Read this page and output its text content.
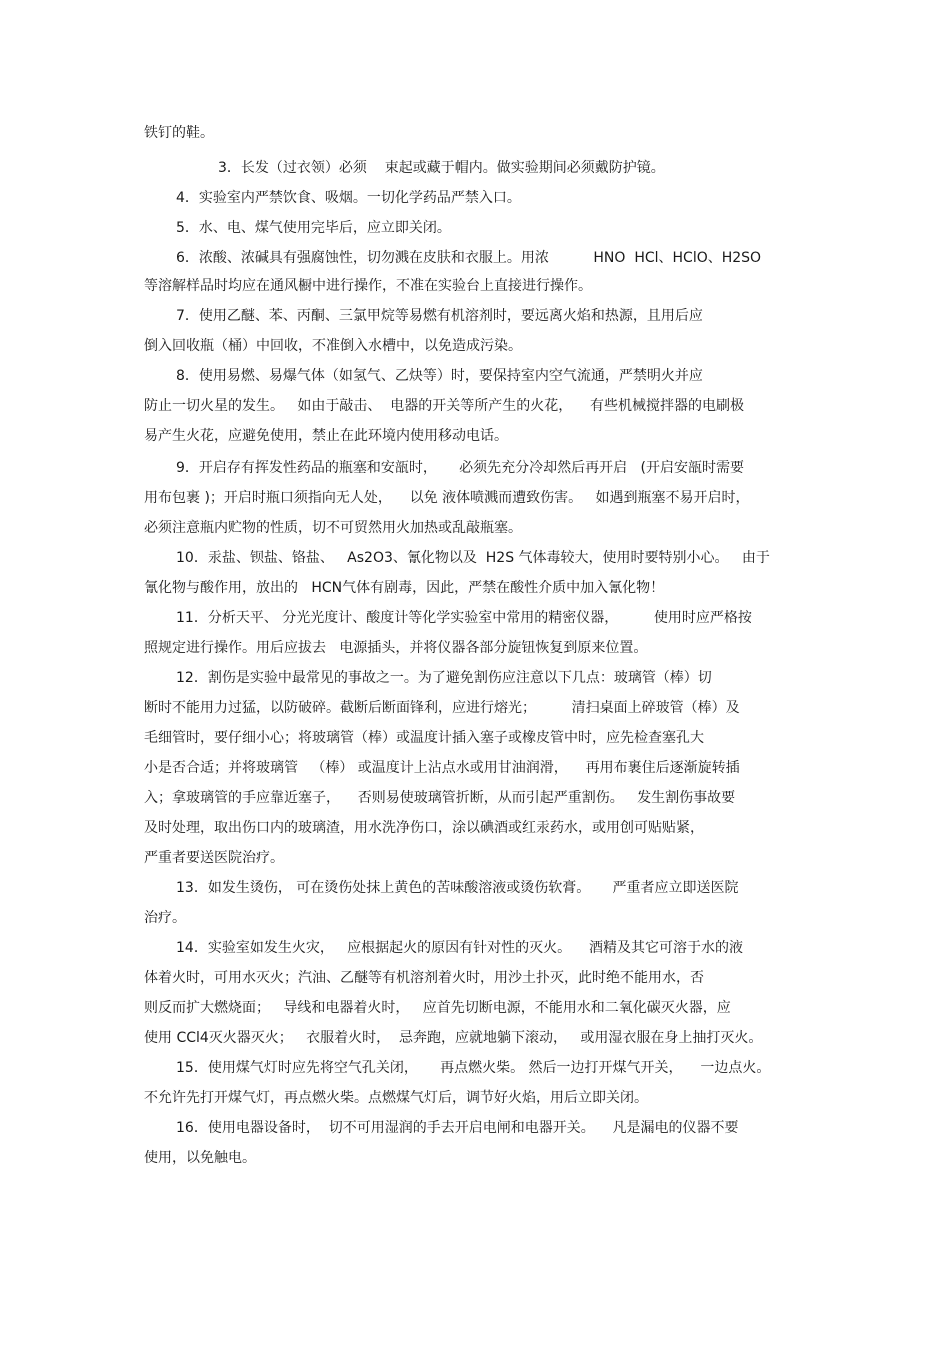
铁钉的鞋。
3．长发（过衣领）必须    束起或藏于帽内。做实验期间必须戴防护镜。
4．实验室内严禁饮食、吸烟。一切化学药品严禁入口。
5．水、电、煤气使用完毕后，应立即关闭。
6．浓酸、浓碱具有强腐蚀性，切勿溅在皮肤和衣服上。用浓          HNO  HCl、HClO、H2SO
等溶解样品时均应在通风橱中进行操作，不准在实验台上直接进行操作。
7．使用乙醚、苯、丙酮、三氯甲烷等易燃有机溶剂时，要远离火焰和热源，且用后应
倒入回收瓶（桶）中回收，不准倒入水槽中，以免造成污染。
8．使用易燃、易爆气体（如氢气、乙炔等）时，要保持室内空气流通，严禁明火并应
防止一切火星的发生。   如由于敲击、  电器的开关等所产生的火花，    有些机械搅拌器的电刷极
易产生火花，应避免使用，禁止在此环境内使用移动电话。
9．开启存有挥发性药品的瓶塞和安瓿时，     必须先充分冷却然后再开启   (开启安瓿时需要
用布包裹 )；开启时瓶口须指向无人处，    以免 液体喷溅而遭致伤害。   如遇到瓶塞不易开启时，
必须注意瓶内贮物的性质，切不可贸然用火加热或乱敲瓶塞。
10．汞盐、钡盐、铬盐、   As2O3、氰化物以及  H2S 气体毒较大，使用时要特别小心。   由于
氰化物与酸作用，放出的   HCN气体有剧毒，因此，严禁在酸性介质中加入氰化物！
11．分析天平、 分光光度计、酸度计等化学实验室中常用的精密仪器，        使用时应严格按
照规定进行操作。用后应拔去   电源插头，并将仪器各部分旋钮恢复到原来位置。
12．割伤是实验中最常见的事故之一。为了避免割伤应注意以下几点：玻璃管（棒）切
断时不能用力过猛，以防破碎。截断后断面锋利，应进行熔光；        清扫桌面上碎玻管（棒）及
毛细管时，要仔细小心；将玻璃管（棒）或温度计插入塞子或橡皮管中时，应先检查塞孔大
小是否合适；并将玻璃管   （棒） 或温度计上沾点水或用甘油润滑，    再用布裹住后逐渐旋转插
入；拿玻璃管的手应靠近塞子，    否则易使玻璃管折断，从而引起严重割伤。   发生割伤事故要
及时处理，取出伤口内的玻璃渣，用水洗净伤口，涂以碘酒或红汞药水，或用创可贴贴紧，
严重者要送医院治疗。
13．如发生烫伤， 可在烫伤处抹上黄色的苦味酸溶液或烫伤软膏。     严重者应立即送医院
治疗。
14．实验室如发生火灾，   应根据起火的原因有针对性的灭火。    酒精及其它可溶于水的液
体着火时，可用水灭火；汽油、乙醚等有机溶剂着火时，用沙土扑灭，此时绝不能用水，否
则反而扩大燃烧面；   导线和电器着火时，   应首先切断电源，不能用水和二氧化碳灭火器，应
使用 CCl4灭火器灭火；   衣服着火时，  忌奔跑，应就地躺下滚动，   或用湿衣服在身上抽打灭火。
15．使用煤气灯时应先将空气孔关闭，     再点燃火柴。 然后一边打开煤气开关，    一边点火。
不允许先打开煤气灯，再点燃火柴。点燃煤气灯后，调节好火焰，用后立即关闭。
16．使用电器设备时，  切不可用湿润的手去开启电闸和电器开关。    凡是漏电的仪器不要
使用，以免触电。
